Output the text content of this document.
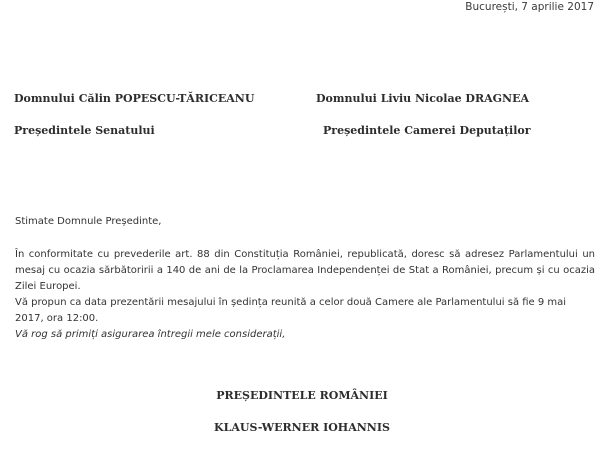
București, 7 aprilie 2017
Domnului Călin POPESCU-TĂRICEANU
Președintele Senatului
Domnului Liviu Nicolae DRAGNEA
Președintele Camerei Deputaților
Stimate Domnule Președinte,
În conformitate cu prevederile art. 88 din Constituția României, republicată, doresc să adresez Parlamentului un mesaj cu ocazia sărbătoririi a 140 de ani de la Proclamarea Independenței de Stat a României, precum și cu ocazia Zilei Europei.
Vă propun ca data prezentării mesajului în ședința reunită a celor două Camere ale Parlamentului să fie 9 mai 2017, ora 12:00.
Vă rog să primiți asigurarea întregii mele considerații,
PREȘEDINTELE ROMÂNIEI
KLAUS-WERNER IOHANNIS
